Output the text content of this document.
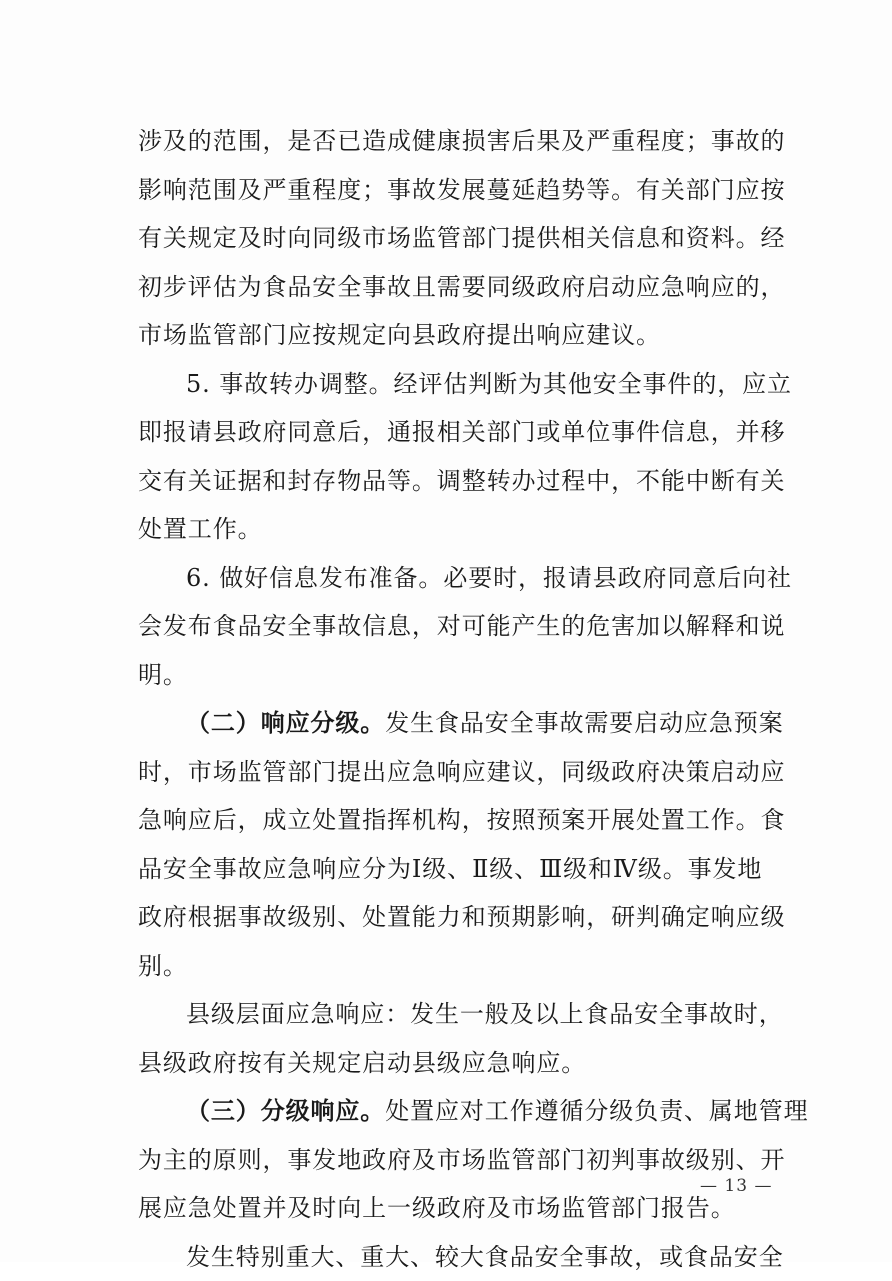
涉及的范围，是否已造成健康损害后果及严重程度；事故的
影响范围及严重程度；事故发展蔓延趋势等。有关部门应按
有关规定及时向同级市场监管部门提供相关信息和资料。经
初步评估为食品安全事故且需要同级政府启动应急响应的，
市场监管部门应按规定向县政府提出响应建议。
5. 事故转办调整。经评估判断为其他安全事件的，应立
即报请县政府同意后，通报相关部门或单位事件信息，并移
交有关证据和封存物品等。调整转办过程中，不能中断有关
处置工作。
6. 做好信息发布准备。必要时，报请县政府同意后向社
会发布食品安全事故信息，对可能产生的危害加以解释和说
明。
（二）响应分级。发生食品安全事故需要启动应急预案
时，市场监管部门提出应急响应建议，同级政府决策启动应
急响应后，成立处置指挥机构，按照预案开展处置工作。食
品安全事故应急响应分为Ⅰ级、Ⅱ级、Ⅲ级和Ⅳ级。事发地
政府根据事故级别、处置能力和预期影响，研判确定响应级
别。
县级层面应急响应：发生一般及以上食品安全事故时，
县级政府按有关规定启动县级应急响应。
（三）分级响应。处置应对工作遵循分级负责、属地管理
为主的原则，事发地政府及市场监管部门初判事故级别、开
展应急处置并及时向上一级政府及市场监管部门报告。
发生特别重大、重大、较大食品安全事故，或食品安全
— 13 —
